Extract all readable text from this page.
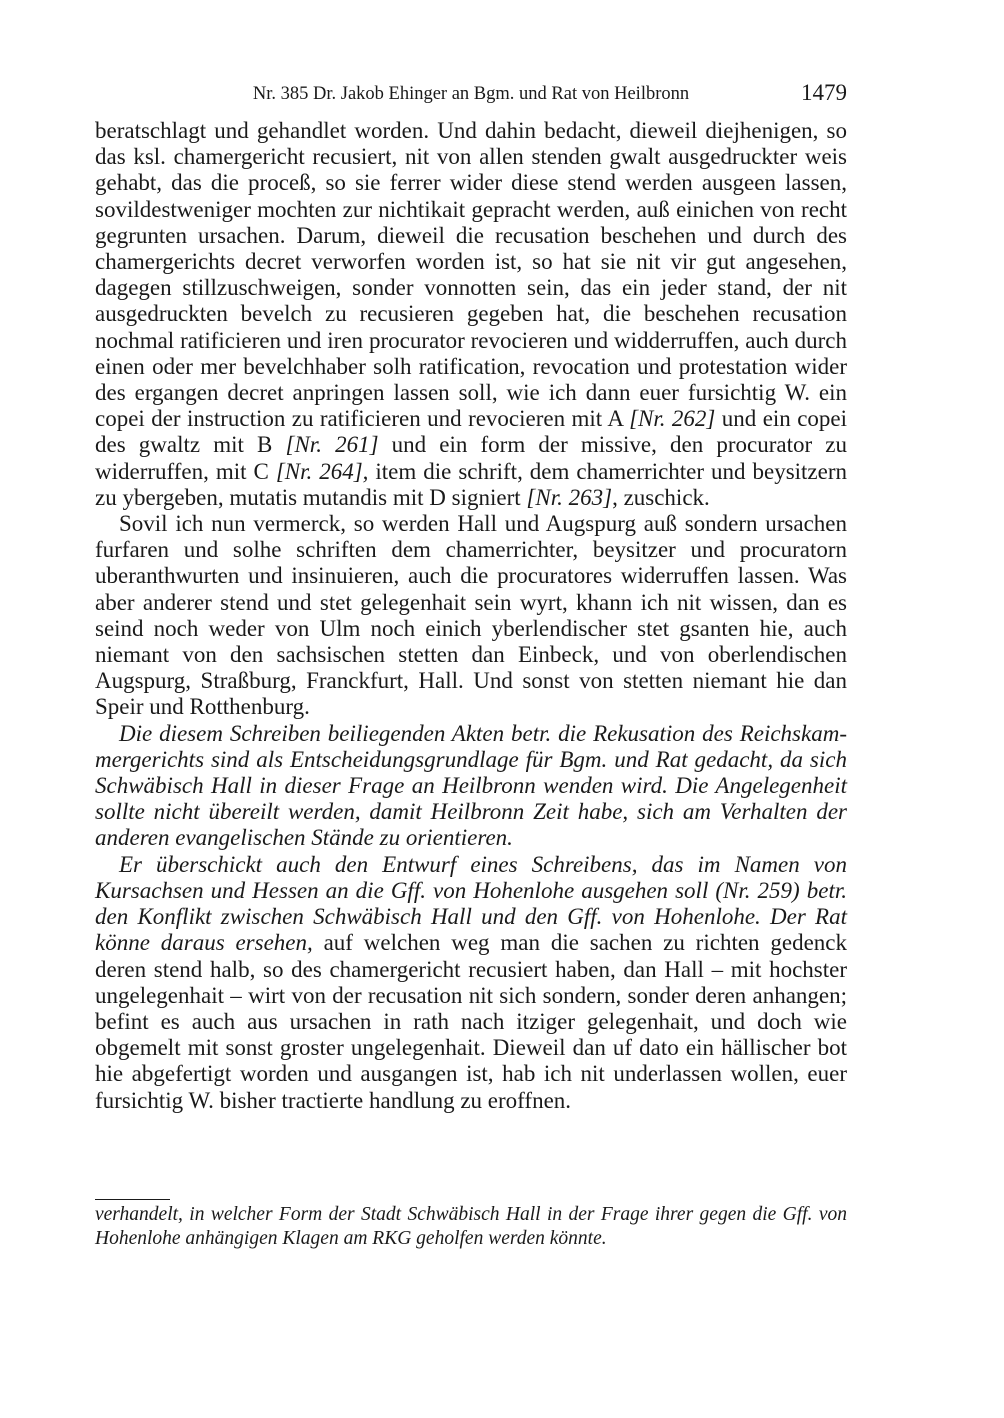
Nr. 385 Dr. Jakob Ehinger an Bgm. und Rat von Heilbronn	1479

beratschlagt und gehandlet worden. Und dahin bedacht, dieweil diejhenigen, so das ksl. chamergericht recusiert, nit von allen stenden gwalt ausgedruckter weis gehabt, das die proceß, so sie ferrer wider diese stend werden ausgeen lassen, sovildestweniger mochten zur nichtikait gepracht werden, auß einichen von recht gegrunten ursachen. Darum, dieweil die recusation beschehen und durch des chamergerichts decret verworfen worden ist, so hat sie nit vir gut angesehen, dagegen stillzuschweigen, sonder vonnotten sein, das ein jeder stand, der nit ausgedruckten bevelch zu recusieren gegeben hat, die beschehen recusation nochmal ratificieren und iren procurator revocieren und widderruffen, auch durch einen oder mer bevelchhaber solh ratification, revocation und protestation wider des ergangen decret anpringen lassen soll, wie ich dann euer fursichtig W. ein copei der instruction zu ratificieren und revocieren mit A [Nr. 262] und ein copei des gwaltz mit B [Nr. 261] und ein form der missive, den procurator zu widerruffen, mit C [Nr. 264], item die schrift, dem chamerrichter und beysitzern zu ybergeben, mutatis mutandis mit D signiert [Nr. 263], zuschick.

Sovil ich nun vermerck, so werden Hall und Augspurg auß sondern ursachen furfaren und solhe schriften dem chamerrichter, beysitzer und procuratorn uberanthwurten und insinuieren, auch die procuratores widerruffen lassen. Was aber anderer stend und stet gelegenhait sein wyrt, khann ich nit wissen, dan es seind noch weder von Ulm noch einich yberlendischer stet gsanten hie, auch niemant von den sachsischen stetten dan Einbeck, und von oberlendischen Augspurg, Straßburg, Franckfurt, Hall. Und sonst von stetten niemant hie dan Speir und Rotthenburg.

Die diesem Schreiben beiliegenden Akten betr. die Rekusation des Reichskammergerichts sind als Entscheidungsgrundlage für Bgm. und Rat gedacht, da sich Schwäbisch Hall in dieser Frage an Heilbronn wenden wird. Die Angelegenheit sollte nicht übereilt werden, damit Heilbronn Zeit habe, sich am Verhalten der anderen evangelischen Stände zu orientieren.

Er überschickt auch den Entwurf eines Schreibens, das im Namen von Kursachsen und Hessen an die Gff. von Hohenlohe ausgehen soll (Nr. 259) betr. den Konflikt zwischen Schwäbisch Hall und den Gff. von Hohenlohe. Der Rat könne daraus ersehen, auf welchen weg man die sachen zu richten gedenck deren stend halb, so des chamergericht recusiert haben, dan Hall – mit hochster ungelegenhait – wirt von der recusation nit sich sondern, sonder deren anhangen; befint es auch aus ursachen in rath nach itziger gelegenhait, und doch wie obgemelt mit sonst groster ungelegenhait. Dieweil dan uf dato ein hällischer bot hie abgefertigt worden und ausgangen ist, hab ich nit underlassen wollen, euer fursichtig W. bisher tractierte handlung zu eroffnen.

verhandelt, in welcher Form der Stadt Schwäbisch Hall in der Frage ihrer gegen die Gff. von Hohenlohe anhängigen Klagen am RKG geholfen werden könnte.
